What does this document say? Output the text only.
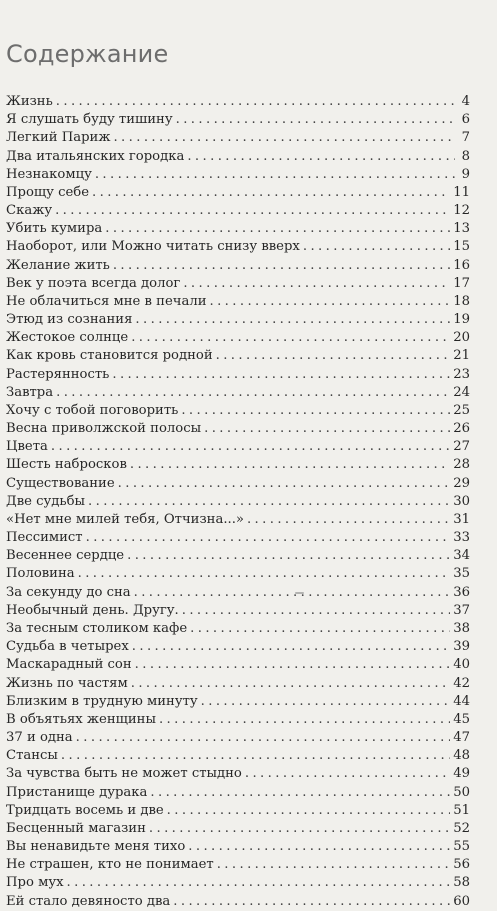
Содержание
Жизнь .....	4
Я слушать буду тишину .....	6
Легкий Париж .....	7
Два итальянских городка .....	8
Незнакомцу .....	9
Прощу себе .....	11
Скажу .....	12
Убить кумира .....	13
Наоборот, или Можно читать снизу вверх .....	15
Желание жить .....	16
Век у поэта всегда долог .....	17
Не облачиться мне в печали .....	18
Этюд из сознания .....	19
Жестокое солнце .....	20
Как кровь становится родной .....	21
Растерянность .....	23
Завтра .....	24
Хочу с тобой поговорить .....	25
Весна приволжской полосы .....	26
Цвета .....	27
Шесть набросков .....	28
Существование .....	29
Две судьбы .....	30
«Нет мне милей тебя, Отчизна...» .....	31
Пессимист .....	33
Весеннее сердце .....	34
Половина .....	35
За секунду до сна .....	36
Необычный день. Другу. .....	37
За тесным столиком кафе .....	38
Судьба в четырех .....	39
Маскарадный сон .....	40
Жизнь по частям .....	42
Близким в трудную минуту .....	44
В объятьях женщины .....	45
37 и одна .....	47
Стансы .....	48
За чувства быть не может стыдно .....	49
Пристанище дурака .....	50
Тридцать восемь и две .....	51
Бесценный магазин .....	52
Вы ненавидьте меня тихо .....	55
Не страшен, кто не понимает .....	56
Про мух .....	58
Ей стало девяносто два .....	60
